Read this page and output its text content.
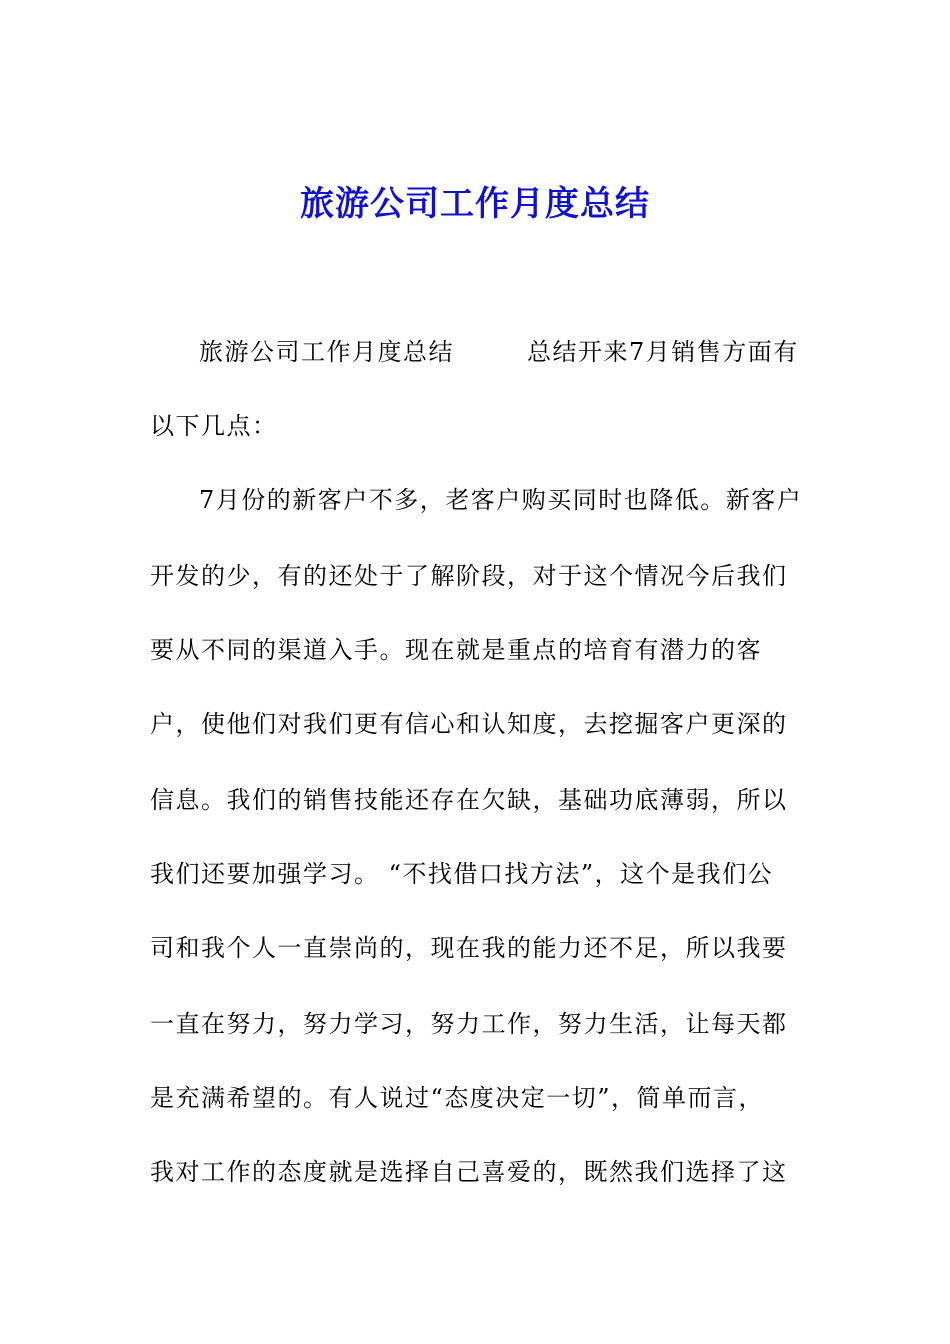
旅游公司工作月度总结
旅游公司工作月度总结        总结开来7月销售方面有
以下几点：
7月份的新客户不多，老客户购买同时也降低。新客户
开发的少，有的还处于了解阶段，对于这个情况今后我们
要从不同的渠道入手。现在就是重点的培育有潜力的客
户，使他们对我们更有信心和认知度，去挖掘客户更深的
信息。我们的销售技能还存在欠缺，基础功底薄弱，所以
我们还要加强学习。 “不找借口找方法”，这个是我们公
司和我个人一直崇尚的，现在我的能力还不足，所以我要
一直在努力，努力学习，努力工作，努力生活，让每天都
是充满希望的。有人说过“态度决定一切”，简单而言，
我对工作的态度就是选择自己喜爱的，既然我们选择了这
